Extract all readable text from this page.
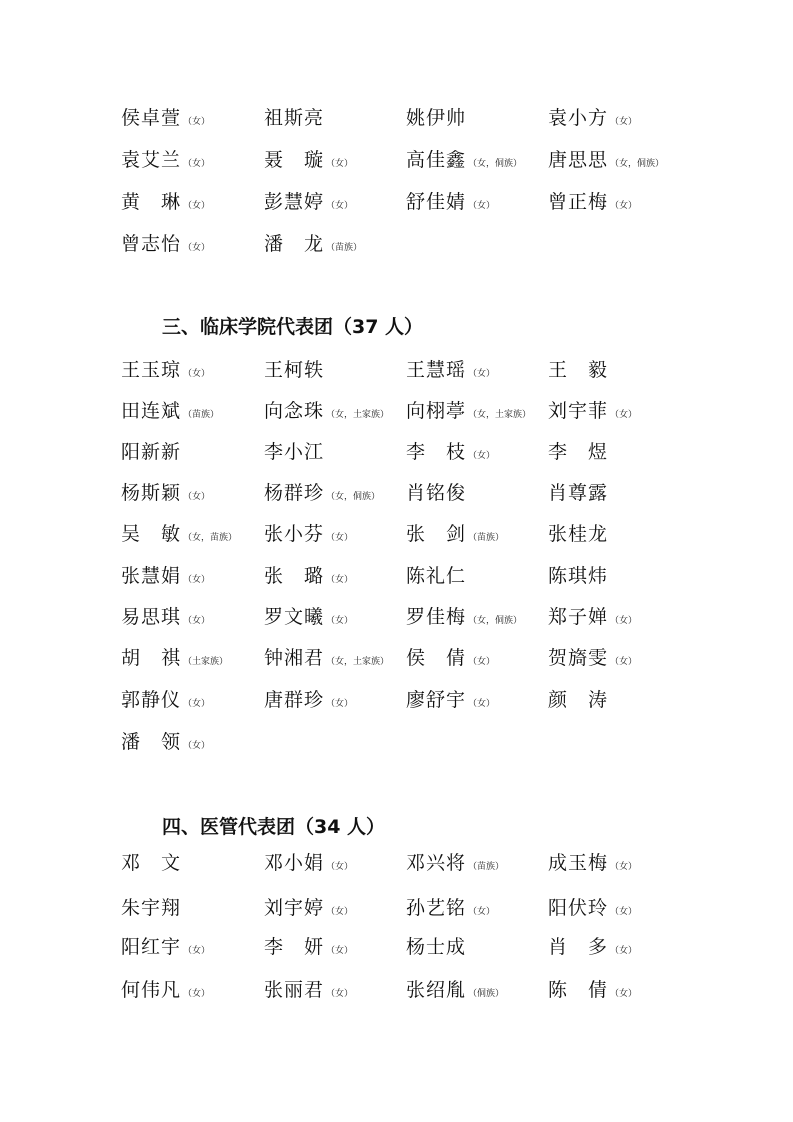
侯卓萱 （女）	祖斯亮	姚伊帅	袁小方 （女）
袁艾兰 （女）	聂　璇 （女）	高佳鑫 （女，侗族） 唐思思 （女，侗族）
黄　琳 （女）	彭慧婷 （女）	舒佳婧 （女）	曾正梅 （女）
曾志怡 （女）	潘　龙 （苗族）
三、临床学院代表团（37 人）
王玉琼 （女）	王柯轶	王慧瑶 （女）	王　毅
田连斌 （苗族） 向念珠 （女，土家族） 向栩葶 （女，土家族） 刘宇菲 （女）
阳新新	李小江	李　枝 （女）	李　煜
杨斯颖 （女）	杨群珍 （女，侗族） 肖铭俊	肖尊露
吴　敏 （女，苗族） 张小芬 （女）	张　剑 （苗族） 张桂龙
张慧娟 （女）	张　璐 （女）	陈礼仁	陈琪炜
易思琪 （女）	罗文曦 （女）	罗佳梅 （女，侗族） 郑子婵 （女）
胡　祺 （土家族） 钟湘君 （女，土家族） 侯　倩 （女）	贺旖雯 （女）
郭静仪 （女）	唐群珍 （女）	廖舒宇 （女）	颜　涛
潘　领 （女）
四、医管代表团（34 人）
邓　文	邓小娟 （女）	邓兴将 （苗族） 成玉梅 （女）
朱宇翔	刘宇婷 （女）	孙艺铭 （女）	阳伏玲 （女）
阳红宇 （女）	李　妍 （女）	杨士成	肖　多 （女）
何伟凡 （女）	张丽君 （女）	张绍胤 （侗族） 陈　倩 （女）
